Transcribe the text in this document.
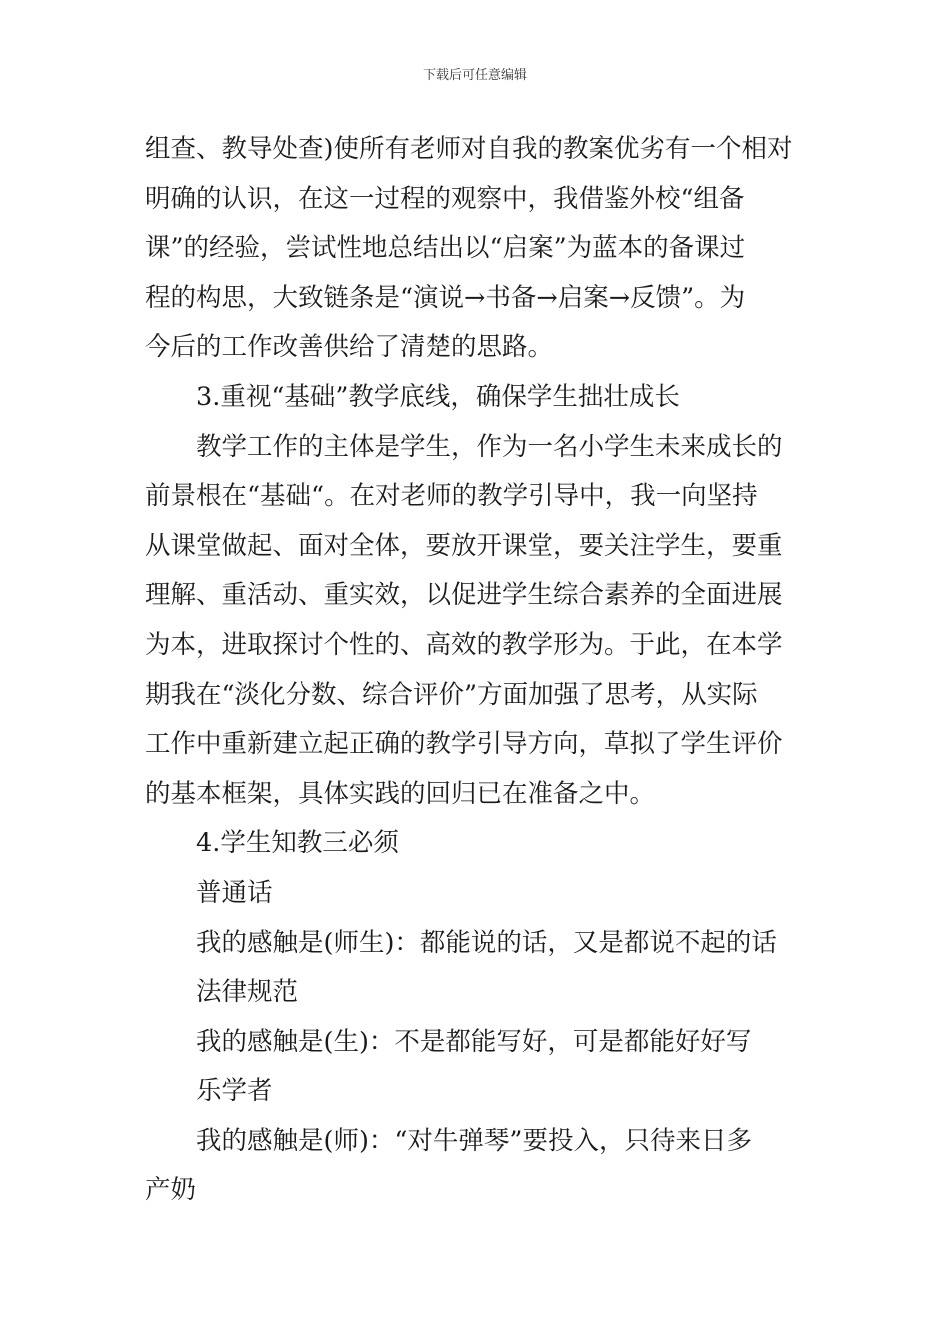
下载后可任意编辑
组查、教导处查)使所有老师对自我的教案优劣有一个相对
明确的认识，在这一过程的观察中，我借鉴外校“组备
课”的经验，尝试性地总结出以“启案”为蓝本的备课过
程的构思，大致链条是“演说→书备→启案→反馈”。为
今后的工作改善供给了清楚的思路。
3.重视“基础”教学底线，确保学生拙壮成长
教学工作的主体是学生，作为一名小学生未来成长的
前景根在“基础“。在对老师的教学引导中，我一向坚持
从课堂做起、面对全体，要放开课堂，要关注学生，要重
理解、重活动、重实效，以促进学生综合素养的全面进展
为本，进取探讨个性的、高效的教学形为。于此，在本学
期我在“淡化分数、综合评价”方面加强了思考，从实际
工作中重新建立起正确的教学引导方向，草拟了学生评价
的基本框架，具体实践的回归已在准备之中。
4.学生知教三必须
普通话
我的感触是(师生)：都能说的话，又是都说不起的话
法律规范
我的感触是(生)：不是都能写好，可是都能好好写
乐学者
我的感触是(师)：“对牛弹琴”要投入，只待来日多
产奶
